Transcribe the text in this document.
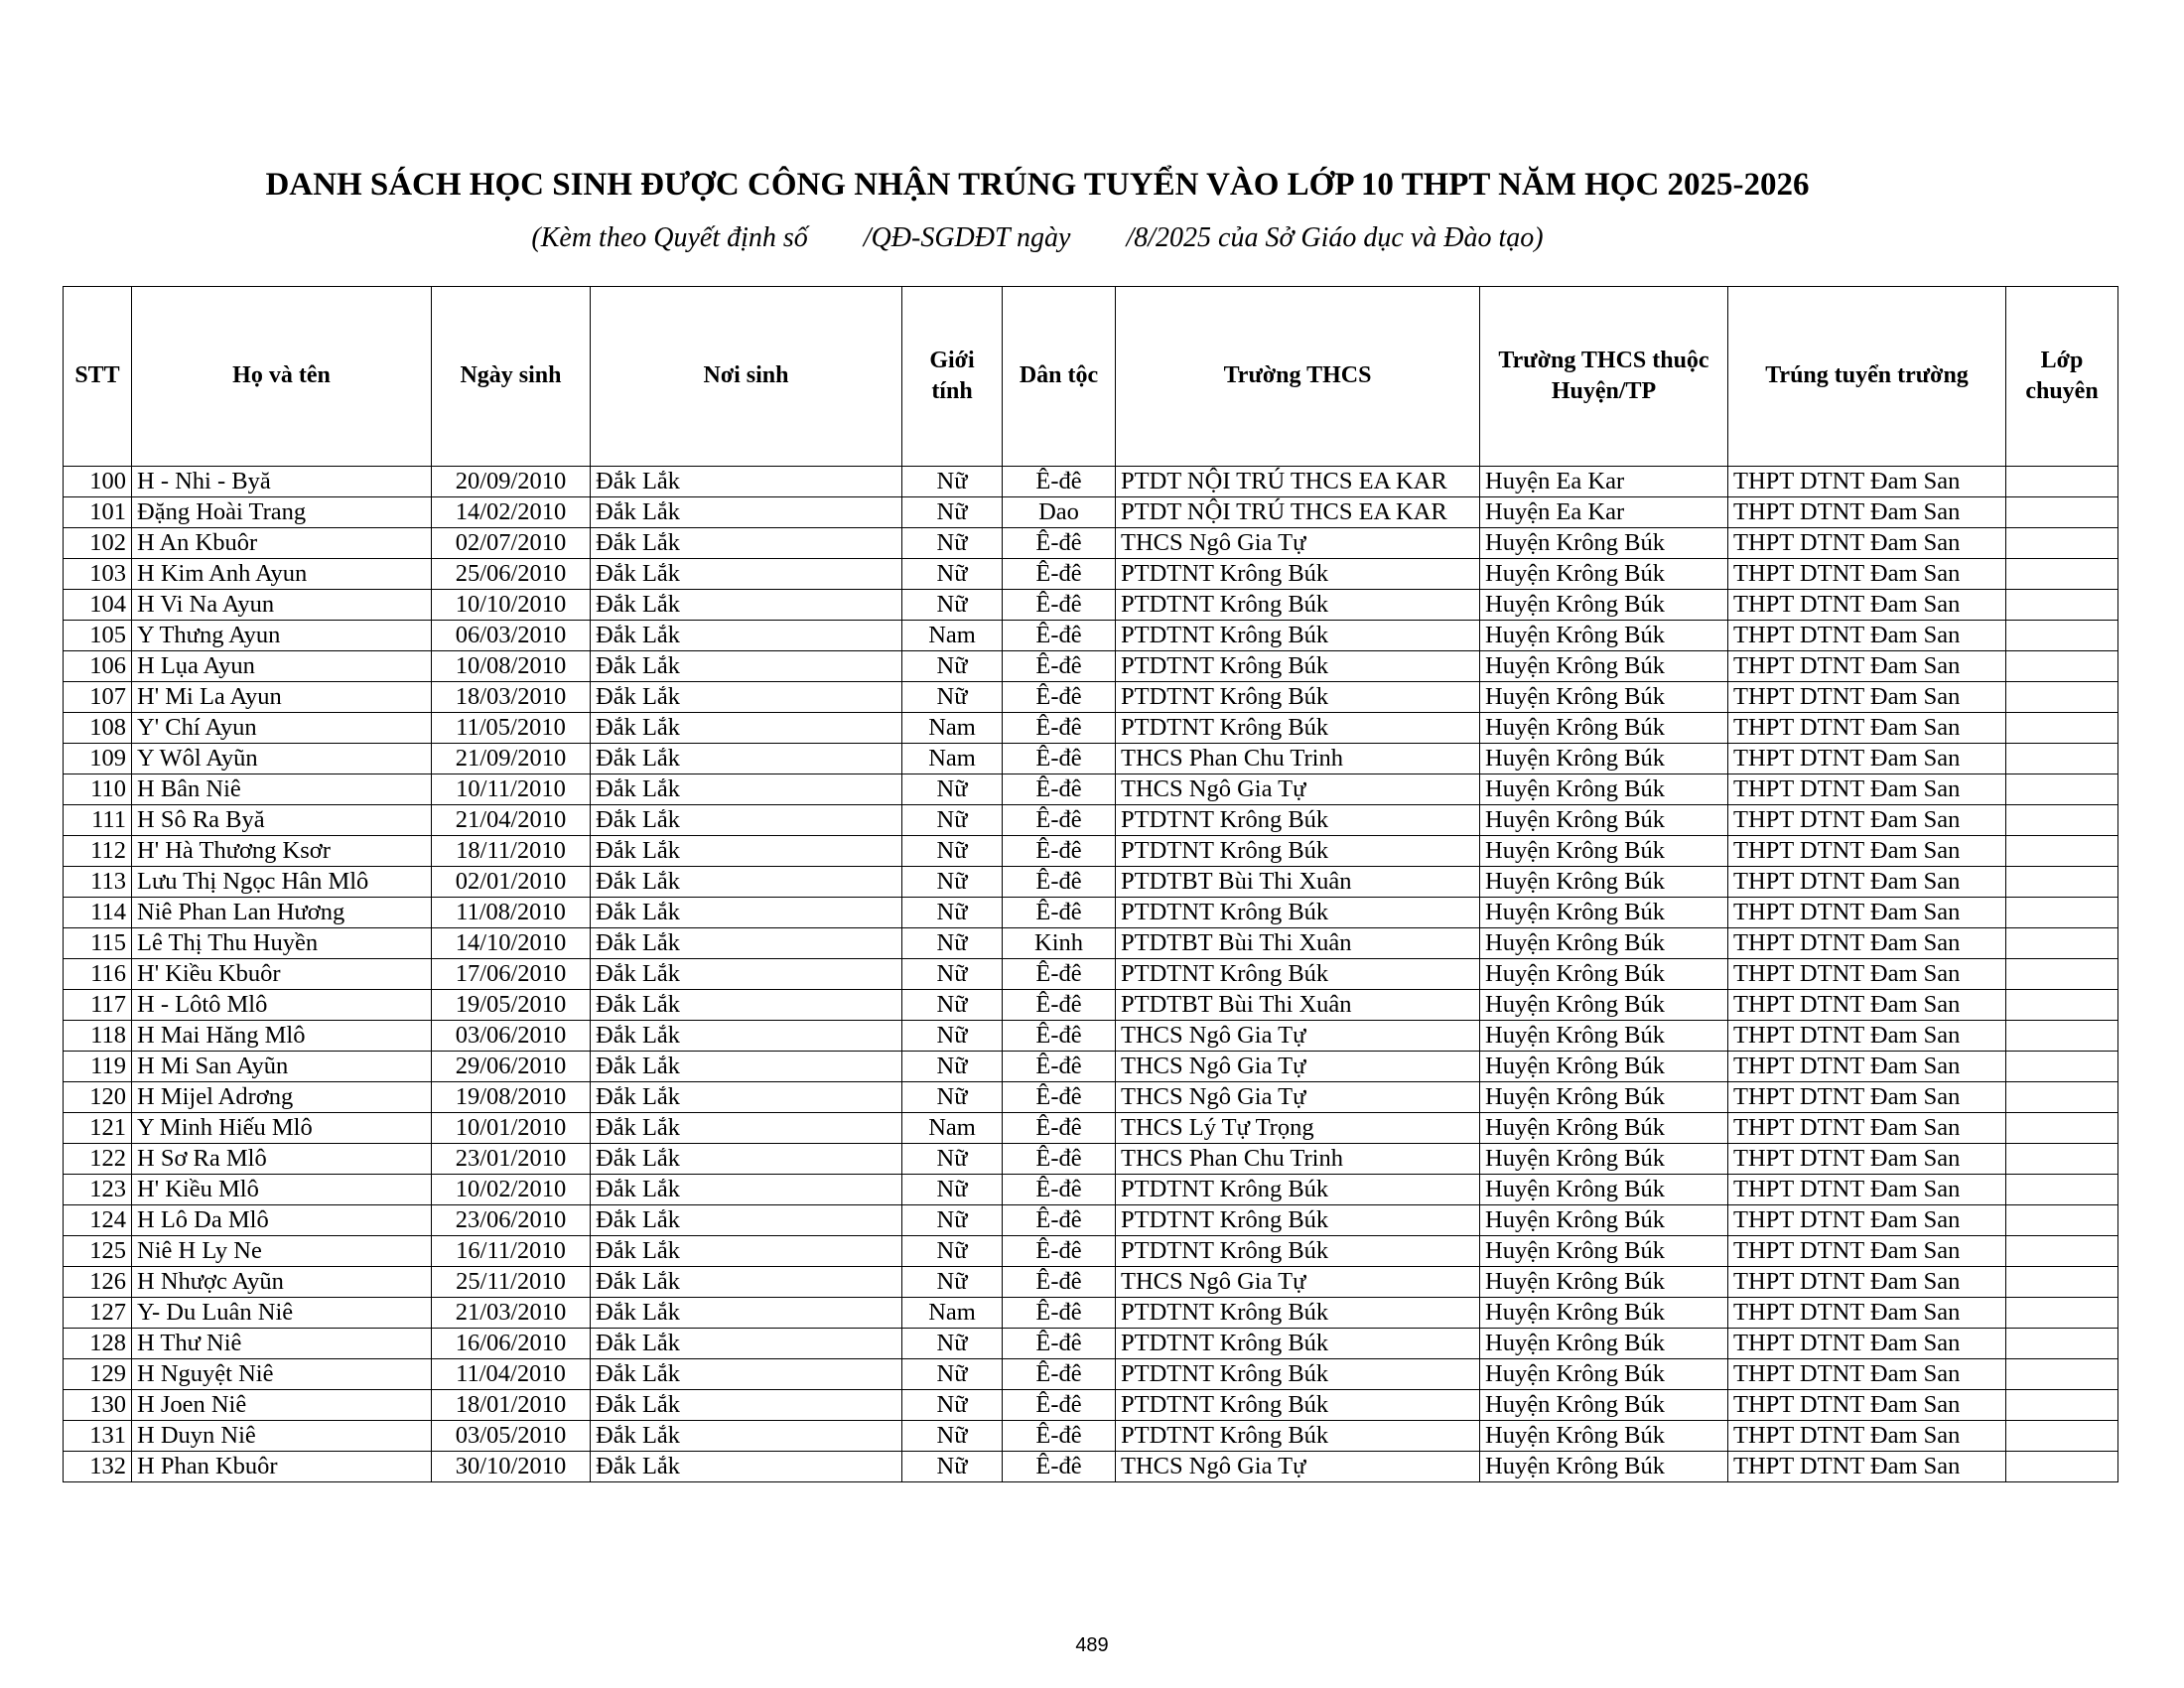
DANH SÁCH HỌC SINH ĐƯỢC CÔNG NHẬN TRÚNG TUYỂN VÀO LỚP 10 THPT NĂM HỌC 2025-2026
(Kèm theo Quyết định số        /QĐ-SGDĐT ngày        /8/2025 của Sở Giáo dục và Đào tạo)
STT	Họ và tên	Ngày sinh	Nơi sinh	Giới tính	Dân tộc	Trường THCS	Trường THCS thuộc Huyện/TP	Trúng tuyển trường	Lớp chuyên
100	H - Nhi - Byă	20/09/2010	Đắk Lắk	Nữ	Ê-đê	PTDT NỘI TRÚ THCS EA KAR	Huyện Ea Kar	THPT DTNT Đam San	
101	Đặng Hoài Trang	14/02/2010	Đắk Lắk	Nữ	Dao	PTDT NỘI TRÚ THCS EA KAR	Huyện Ea Kar	THPT DTNT Đam San	
102	H An Kbuôr	02/07/2010	Đắk Lắk	Nữ	Ê-đê	THCS Ngô Gia Tự	Huyện Krông Búk	THPT DTNT Đam San	
103	H Kim Anh Ayun	25/06/2010	Đắk Lắk	Nữ	Ê-đê	PTDTNT Krông Búk	Huyện Krông Búk	THPT DTNT Đam San	
104	H Vi Na Ayun	10/10/2010	Đắk Lắk	Nữ	Ê-đê	PTDTNT Krông Búk	Huyện Krông Búk	THPT DTNT Đam San	
105	Y Thưng Ayun	06/03/2010	Đắk Lắk	Nam	Ê-đê	PTDTNT Krông Búk	Huyện Krông Búk	THPT DTNT Đam San	
106	H Lụa Ayun	10/08/2010	Đắk Lắk	Nữ	Ê-đê	PTDTNT Krông Búk	Huyện Krông Búk	THPT DTNT Đam San	
107	H' Mi La Ayun	18/03/2010	Đắk Lắk	Nữ	Ê-đê	PTDTNT Krông Búk	Huyện Krông Búk	THPT DTNT Đam San	
108	Y' Chí Ayun	11/05/2010	Đắk Lắk	Nam	Ê-đê	PTDTNT Krông Búk	Huyện Krông Búk	THPT DTNT Đam San	
109	Y Wôl Ayũn	21/09/2010	Đắk Lắk	Nam	Ê-đê	THCS Phan Chu Trinh	Huyện Krông Búk	THPT DTNT Đam San	
110	H Bân Niê	10/11/2010	Đắk Lắk	Nữ	Ê-đê	THCS Ngô Gia Tự	Huyện Krông Búk	THPT DTNT Đam San	
111	H Sô Ra Byă	21/04/2010	Đắk Lắk	Nữ	Ê-đê	PTDTNT Krông Búk	Huyện Krông Búk	THPT DTNT Đam San	
112	H' Hà Thương Ksơr	18/11/2010	Đắk Lắk	Nữ	Ê-đê	PTDTNT Krông Búk	Huyện Krông Búk	THPT DTNT Đam San	
113	Lưu Thị Ngọc Hân Mlô	02/01/2010	Đắk Lắk	Nữ	Ê-đê	PTDTBT Bùi Thi Xuân	Huyện Krông Búk	THPT DTNT Đam San	
114	Niê Phan Lan Hương	11/08/2010	Đắk Lắk	Nữ	Ê-đê	PTDTNT Krông Búk	Huyện Krông Búk	THPT DTNT Đam San	
115	Lê Thị Thu Huyền	14/10/2010	Đắk Lắk	Nữ	Kinh	PTDTBT Bùi Thi Xuân	Huyện Krông Búk	THPT DTNT Đam San	
116	H' Kiều Kbuôr	17/06/2010	Đắk Lắk	Nữ	Ê-đê	PTDTNT Krông Búk	Huyện Krông Búk	THPT DTNT Đam San	
117	H - Lôtô Mlô	19/05/2010	Đắk Lắk	Nữ	Ê-đê	PTDTBT Bùi Thi Xuân	Huyện Krông Búk	THPT DTNT Đam San	
118	H Mai Hăng Mlô	03/06/2010	Đắk Lắk	Nữ	Ê-đê	THCS Ngô Gia Tự	Huyện Krông Búk	THPT DTNT Đam San	
119	H Mi San Ayũn	29/06/2010	Đắk Lắk	Nữ	Ê-đê	THCS Ngô Gia Tự	Huyện Krông Búk	THPT DTNT Đam San	
120	H Mijel Adrơng	19/08/2010	Đắk Lắk	Nữ	Ê-đê	THCS Ngô Gia Tự	Huyện Krông Búk	THPT DTNT Đam San	
121	Y Minh Hiếu Mlô	10/01/2010	Đắk Lắk	Nam	Ê-đê	THCS Lý Tự Trọng	Huyện Krông Búk	THPT DTNT Đam San	
122	H Sơ Ra Mlô	23/01/2010	Đắk Lắk	Nữ	Ê-đê	THCS Phan Chu Trinh	Huyện Krông Búk	THPT DTNT Đam San	
123	H' Kiều Mlô	10/02/2010	Đắk Lắk	Nữ	Ê-đê	PTDTNT Krông Búk	Huyện Krông Búk	THPT DTNT Đam San	
124	H Lô Da Mlô	23/06/2010	Đắk Lắk	Nữ	Ê-đê	PTDTNT Krông Búk	Huyện Krông Búk	THPT DTNT Đam San	
125	Niê H Ly Ne	16/11/2010	Đắk Lắk	Nữ	Ê-đê	PTDTNT Krông Búk	Huyện Krông Búk	THPT DTNT Đam San	
126	H Nhược Ayũn	25/11/2010	Đắk Lắk	Nữ	Ê-đê	THCS Ngô Gia Tự	Huyện Krông Búk	THPT DTNT Đam San	
127	Y- Du Luân Niê	21/03/2010	Đắk Lắk	Nam	Ê-đê	PTDTNT Krông Búk	Huyện Krông Búk	THPT DTNT Đam San	
128	H Thư Niê	16/06/2010	Đắk Lắk	Nữ	Ê-đê	PTDTNT Krông Búk	Huyện Krông Búk	THPT DTNT Đam San	
129	H Nguyệt Niê	11/04/2010	Đắk Lắk	Nữ	Ê-đê	PTDTNT Krông Búk	Huyện Krông Búk	THPT DTNT Đam San	
130	H Joen Niê	18/01/2010	Đắk Lắk	Nữ	Ê-đê	PTDTNT Krông Búk	Huyện Krông Búk	THPT DTNT Đam San	
131	H Duyn Niê	03/05/2010	Đắk Lắk	Nữ	Ê-đê	PTDTNT Krông Búk	Huyện Krông Búk	THPT DTNT Đam San	
132	H Phan Kbuôr	30/10/2010	Đắk Lắk	Nữ	Ê-đê	THCS Ngô Gia Tự	Huyện Krông Búk	THPT DTNT Đam San	
489
